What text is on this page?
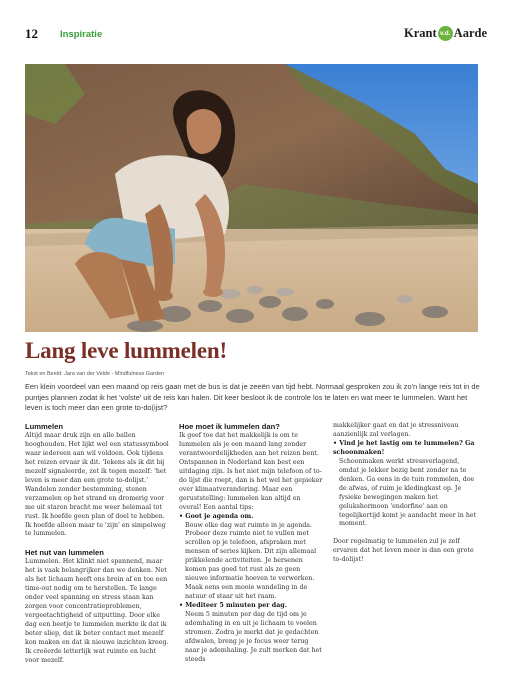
12 Inspiratie	Krant v.d. Aarde
Lang leve lummelen!
Tekst en Beeld: Jara van der Velde - Mindfulness Garden
Een klein voordeel van een maand op reis gaan met de bus is dat je zeeën van tijd hebt. Normaal gesproken zou ik zo'n lange reis tot in de puntjes plannen zodat ik het 'volste' uit de reis kan halen. Dit keer besloot ik de controle los te laten en wat meer te lummelen. Want het leven is toch meer dan een grote to-do(ijst?
Lummelen

Altijd maar druk zijn en alle ballen hooghouden. Het lijkt wel een statussymbool waar iedereen aan wil voldoen. Ook tijdens het reizen ervaar ik dit. 'Iekens als ik dit bij mezelf signaleerde, zet ik tegen mezelf: 'het leven is meer dan een grote to-dolijst.' Wandelen zonder bestemming, stenen verzamelen op het strand en dromerig voor me uit staren bracht me weer helemaal tot rust. Ik hoefde geen plan of doel te hebben. Ik hoefde alleen maar te 'zijn' en simpelweg te lummelen.

Het nut van lummelen

Lummelen. Het klinkt niet spannend, maar het is vaak belangrijker dan we denken. Net als het lichaam heeft ons brein af en toe een time-out nodig om te herstellen. Te lange onder veel spanning en stress staan kan zorgen voor concentratieproblemen, vergeetachtigheid of uitputting. Door elke dag een beetje te lummelen merkte ik dat ik beter sliep, dat ik beter contact met mezelf kon maken en dat ik nieuwe inzichten kreeg. Ik creëerde letterlijk wat ruimte en lucht voor mezelf.

Hoe moet ik lummelen dan?

Ik geef toe dat het makkelijk is om te lummelen als je een maand lang zonder verantwoordelijkheden aan het reizen bent. Ontspannen in Nederland kan best een uitdaging zijn. Is het niet mijn telefoon of to-do lijst die roept, dan is het wel het gepieker over klimaatverandering. Maar een geruststelling: lummelen kan altijd en overal! Een aantal tips:

• Goot je agenda om.

Bouw elke dag wat ruimte in je agenda. Probeer deze ruimte niet te vullen met scrollen op je telefoon, afspraken met mensen of series kijken. Dit zijn allemaal prikkelende activiteiten. Je hersenen komen pas goed tot rust als ze geen nieuwe informatie hoeven te verwerken. Maak eens een mooie wandeling in de natuur of staar uit het raam.

• Mediteer 5 minuten per dag.

Neem 5 minuten per dag de tijd om je ademhaling in en uit je lichaam te voelen stromen. Zodra je merkt dat je gedachten afdwalen, breng je je focus weer terug naar je ademhaling. Je zult merken dat het steeds

makkelijker gaat en dat je stressniveau aanzienlijk zal verlagen.

• Vind je het lastig om te lummelen? Ga schoonmaken!

Schoonmaken werkt stressverlagend, omdat je lekker bezig bent zonder na te denken. Ga eens in de tuin rommelen, doe de afwas, of ruim je kledingkast op. Je fysieke bewegingen maken het gelukshormoon 'endorfine' aan en tegelijkertijd komt je aandacht meer in het moment.

Door regelmatig te lummelen zul je zelf ervaren dat het leven meer is dan een grote to-dolijst!
